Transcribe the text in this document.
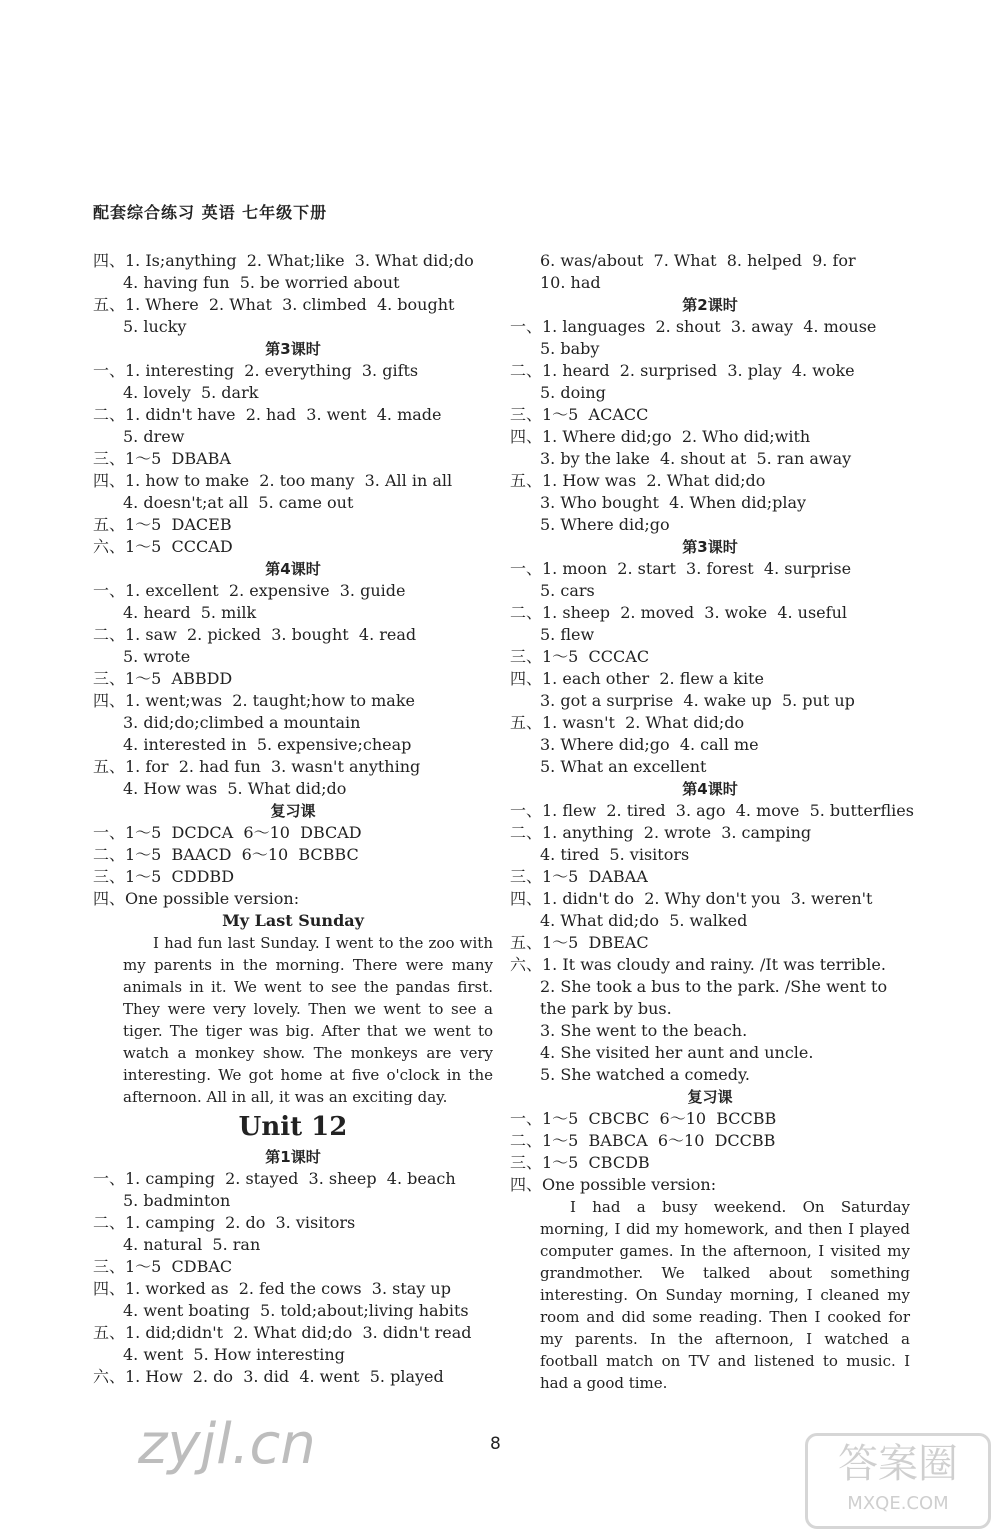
配套综合练习 英语 七年级下册
四、1. Is;anything  2. What;like  3. What did;do
4. having fun  5. be worried about
五、1. Where  2. What  3. climbed  4. bought
5. lucky
第3课时
一、1. interesting  2. everything  3. gifts
4. lovely  5. dark
二、1. didn't have  2. had  3. went  4. made
5. drew
三、1～5  DBABA
四、1. how to make  2. too many  3. All in all
4. doesn't;at all  5. came out
五、1～5  DACEB
六、1～5  CCCAD
第4课时
一、1. excellent  2. expensive  3. guide
4. heard  5. milk
二、1. saw  2. picked  3. bought  4. read
5. wrote
三、1～5  ABBDD
四、1. went;was  2. taught;how to make
3. did;do;climbed a mountain
4. interested in  5. expensive;cheap
五、1. for  2. had fun  3. wasn't anything
4. How was  5. What did;do
复习课
一、1～5  DCDCA  6～10  DBCAD
二、1～5  BAACD  6～10  BCBBC
三、1～5  CDDBD
四、One possible version:
My Last Sunday
I had fun last Sunday. I went to the zoo with my parents in the morning. There were many animals in it. We went to see the pandas first. They were very lovely. Then we went to see a tiger. The tiger was big. After that we went to watch a monkey show. The monkeys are very interesting. We got home at five o'clock in the afternoon. All in all, it was an exciting day.
Unit 12
第1课时
一、1. camping  2. stayed  3. sheep  4. beach
5. badminton
二、1. camping  2. do  3. visitors
4. natural  5. ran
三、1～5  CDBAC
四、1. worked as  2. fed the cows  3. stay up
4. went boating  5. told;about;living habits
五、1. did;didn't  2. What did;do  3. didn't read
4. went  5. How interesting
六、1. How  2. do  3. did  4. went  5. played
6. was/about  7. What  8. helped  9. for
10. had
第2课时
一、1. languages  2. shout  3. away  4. mouse
5. baby
二、1. heard  2. surprised  3. play  4. woke
5. doing
三、1～5  ACACC
四、1. Where did;go  2. Who did;with
3. by the lake  4. shout at  5. ran away
五、1. How was  2. What did;do
3. Who bought  4. When did;play
5. Where did;go
第3课时
一、1. moon  2. start  3. forest  4. surprise
5. cars
二、1. sheep  2. moved  3. woke  4. useful
5. flew
三、1～5  CCCAC
四、1. each other  2. flew a kite
3. got a surprise  4. wake up  5. put up
五、1. wasn't  2. What did;do
3. Where did;go  4. call me
5. What an excellent
第4课时
一、1. flew  2. tired  3. ago  4. move  5. butterflies
二、1. anything  2. wrote  3. camping
4. tired  5. visitors
三、1～5  DABAA
四、1. didn't do  2. Why don't you  3. weren't
4. What did;do  5. walked
五、1～5  DBEAC
六、1. It was cloudy and rainy. /It was terrible.
2. She took a bus to the park. /She went to
the park by bus.
3. She went to the beach.
4. She visited her aunt and uncle.
5. She watched a comedy.
复习课
一、1～5  CBCBC  6～10  BCCBB
二、1～5  BABCA  6～10  DCCBB
三、1～5  CBCDB
四、One possible version:
I had a busy weekend. On Saturday morning, I did my homework, and then I played computer games. In the afternoon, I visited my grandmother. We talked about something interesting. On Sunday morning, I cleaned my room and did some reading. Then I cooked for my parents. In the afternoon, I watched a football match on TV and listened to music. I had a good time.
8
zyjl.cn	答案圈
MXQE.COM
